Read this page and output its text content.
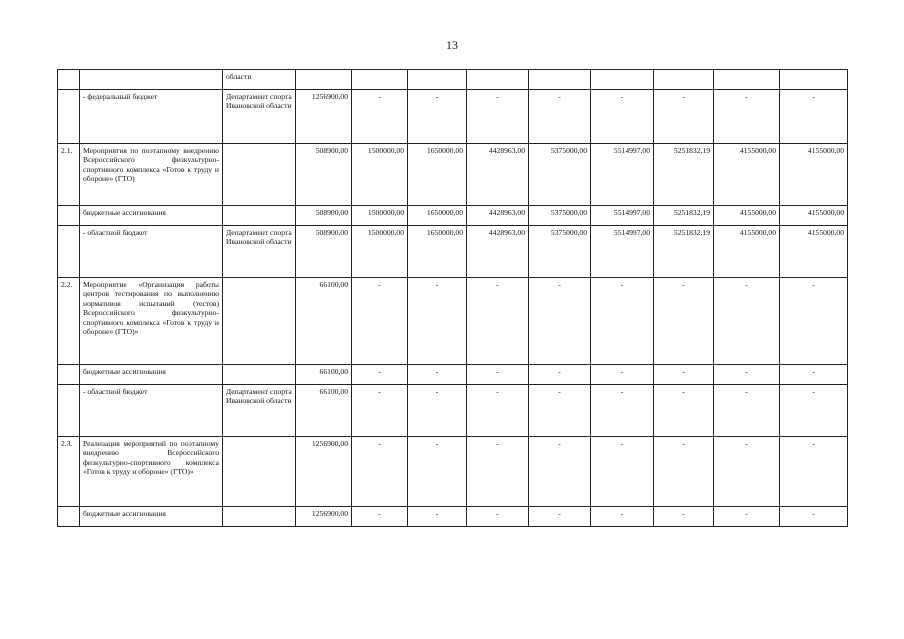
13
		области									
	- федеральный бюджет	Департамент спорта Ивановской области	1256900,00	-	-	-	-	-	-	-	-
2.1.	Мероприятия по поэтапному внедрению Всероссийского физкультурно-спортивного комплекса «Готов к труду и обороне» (ГТО)		508900,00	1500000,00	1650000,00	4428963,00	5375000,00	5514997,00	5251832,19	4155000,00	4155000,00
	бюджетные ассигнования		508900,00	1500000,00	1650000,00	4428963,00	5375000,00	5514997,00	5251832,19	4155000,00	4155000,00
	- областной бюджет	Департамент спорта Ивановской области	508900,00	1500000,00	1650000,00	4428963,00	5375000,00	5514997,00	5251832,19	4155000,00	4155000,00
2.2.	Мероприятие «Организация работы центров тестирования по выполнению нормативов испытаний (тестов) Всероссийского физкультурно-спортивного комплекса «Готов к труду и обороне» (ГТО)»		66100,00	-	-	-	-	-	-	-	-
	бюджетные ассигнования		66100,00	-	-	-	-	-	-	-	-
	- областной бюджет	Департамент спорта Ивановской области	66100,00	-	-	-	-	-	-	-	-
2.3.	Реализация мероприятий по поэтапному внедрению Всероссийского физкультурно-спортивного комплекса «Готов к труду и обороне» (ГТО)»		1256900,00	-	-	-	-	-	-	-	-
	бюджетные ассигнования		1256900,00	-	-	-	-	-	-	-	-
